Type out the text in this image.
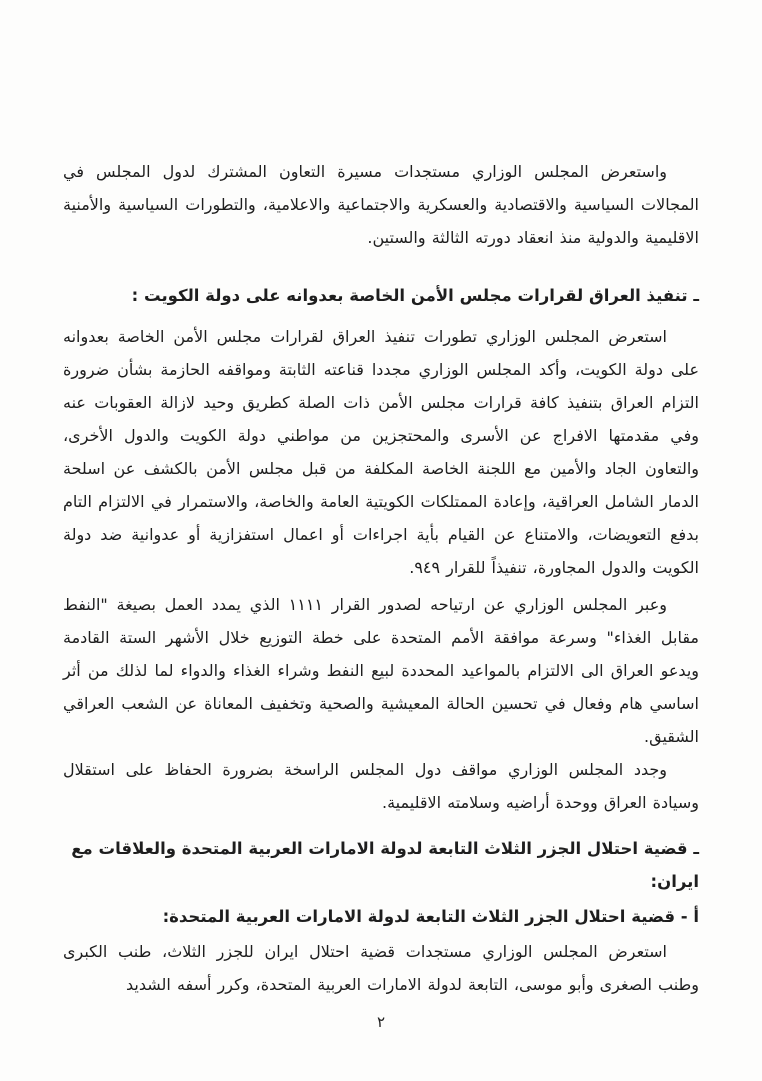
واستعرض المجلس الوزاري مستجدات مسيرة التعاون المشترك لدول المجلس في المجالات السياسية والاقتصادية والعسكرية والاجتماعية والاعلامية، والتطورات السياسية والأمنية الاقليمية والدولية منذ انعقاد دورته الثالثة والستين.

ـ تنفيذ العراق لقرارات مجلس الأمن الخاصة بعدوانه على دولة الكويت :

استعرض المجلس الوزاري تطورات تنفيذ العراق لقرارات مجلس الأمن الخاصة بعدوانه على دولة الكويت، وأكد المجلس الوزاري مجددا قناعته الثابتة ومواقفه الحازمة بشأن ضرورة التزام العراق بتنفيذ كافة قرارات مجلس الأمن ذات الصلة كطريق وحيد لازالة العقوبات عنه وفي مقدمتها الافراج عن الأسرى والمحتجزين من مواطني دولة الكويت والدول الأخرى، والتعاون الجاد والأمين مع اللجنة الخاصة المكلفة من قبل مجلس الأمن بالكشف عن اسلحة الدمار الشامل العراقية، وإعادة الممتلكات الكويتية العامة والخاصة، والاستمرار في الالتزام التام بدفع التعويضات، والامتناع عن القيام بأية اجراءات أو اعمال استفزازية أو عدوانية ضد دولة الكويت والدول المجاورة، تنفيذاً للقرار ٩٤٩.

وعبر المجلس الوزاري عن ارتياحه لصدور القرار ١١١١ الذي يمدد العمل بصيغة "النفط مقابل الغذاء" وسرعة موافقة الأمم المتحدة على خطة التوزيع خلال الأشهر الستة القادمة ويدعو العراق الى الالتزام بالمواعيد المحددة لبيع النفط وشراء الغذاء والدواء لما لذلك من أثر اساسي هام وفعال في تحسين الحالة المعيشية والصحية وتخفيف المعاناة عن الشعب العراقي الشقيق.

وجدد المجلس الوزاري مواقف دول المجلس الراسخة بضرورة الحفاظ على استقلال وسيادة العراق ووحدة أراضيه وسلامته الاقليمية.

ـ قضية احتلال الجزر الثلاث التابعة لدولة الامارات العربية المتحدة والعلاقات مع ايران:

أ - قضية احتلال الجزر الثلاث التابعة لدولة الامارات العربية المتحدة:

استعرض المجلس الوزاري مستجدات قضية احتلال ايران للجزر الثلاث، طنب الكبرى وطنب الصغرى وأبو موسى، التابعة لدولة الامارات العربية المتحدة، وكرر أسفه الشديد

٢
